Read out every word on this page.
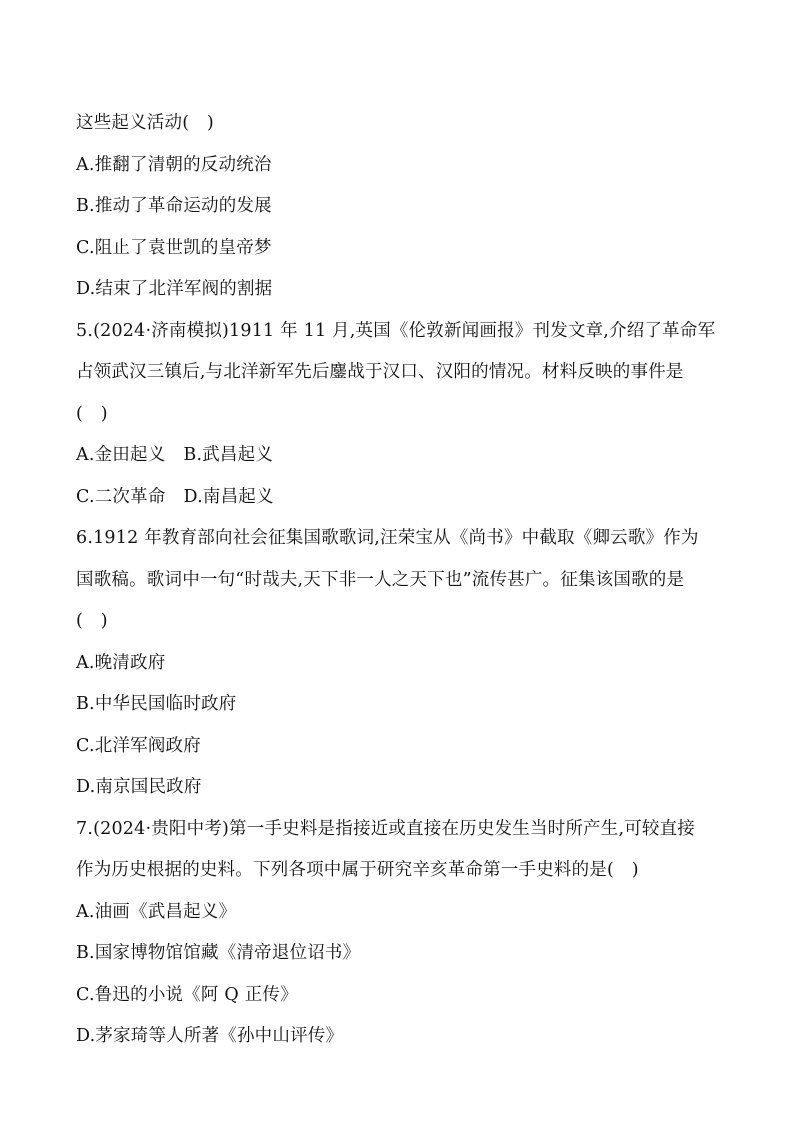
这些起义活动(　)
A.推翻了清朝的反动统治
B.推动了革命运动的发展
C.阻止了袁世凯的皇帝梦
D.结束了北洋军阀的割据
5.(2024·济南模拟)1911 年 11 月,英国《伦敦新闻画报》刊发文章,介绍了革命军
占领武汉三镇后,与北洋新军先后鏖战于汉口、汉阳的情况。材料反映的事件是
(　)
A.金田起义 B.武昌起义
C.二次革命 D.南昌起义
6.1912 年教育部向社会征集国歌歌词,汪荣宝从《尚书》中截取《卿云歌》作为
国歌稿。歌词中一句“时哉夫,天下非一人之天下也”流传甚广。征集该国歌的是
(　)
A.晚清政府
B.中华民国临时政府
C.北洋军阀政府
D.南京国民政府
7.(2024·贵阳中考)第一手史料是指接近或直接在历史发生当时所产生,可较直接
作为历史根据的史料。下列各项中属于研究辛亥革命第一手史料的是(　)
A.油画《武昌起义》
B.国家博物馆馆藏《清帝退位诏书》
C.鲁迅的小说《阿 Q 正传》
D.茅家琦等人所著《孙中山评传》
